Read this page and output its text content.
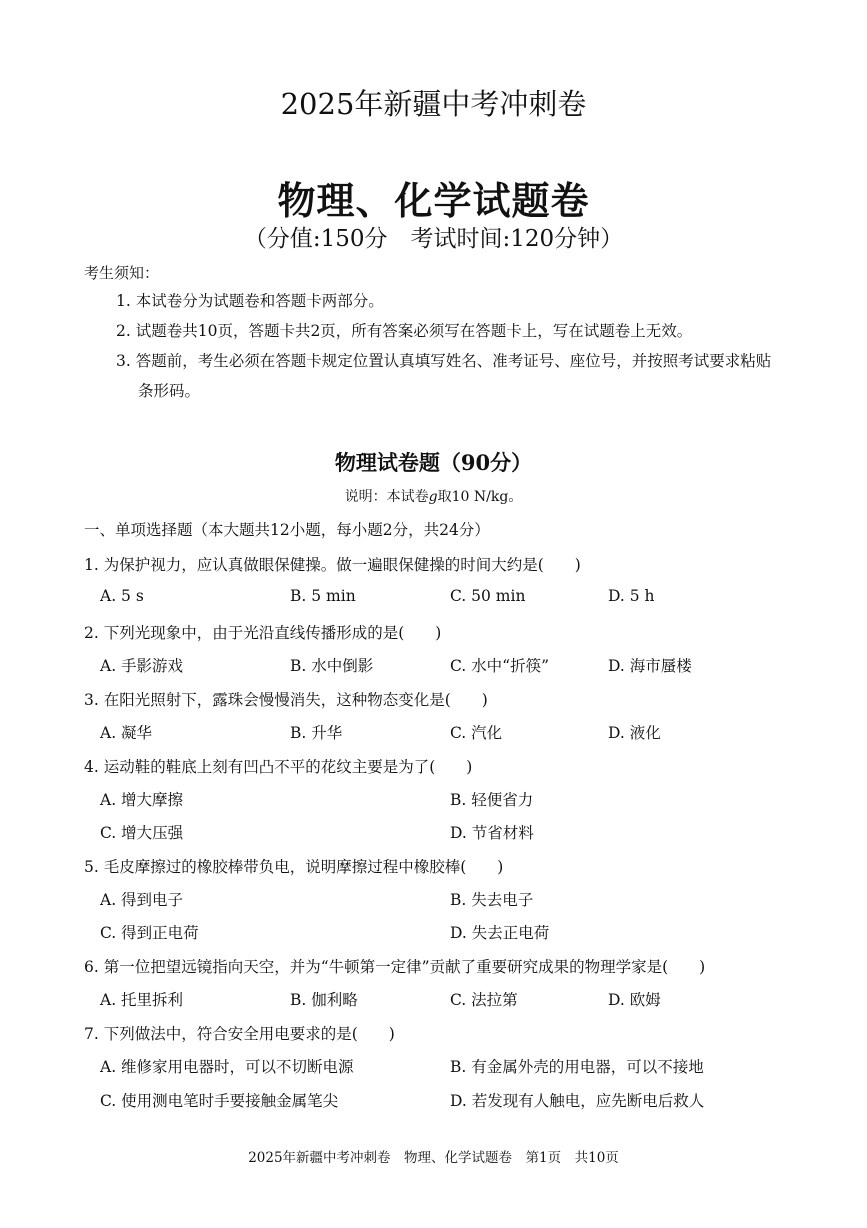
2025年新疆中考冲刺卷
物理、化学试题卷
（分值:150分　考试时间:120分钟）
考生须知：
1. 本试卷分为试题卷和答题卡两部分。
2. 试题卷共10页，答题卡共2页，所有答案必须写在答题卡上，写在试题卷上无效。
3. 答题前，考生必须在答题卡规定位置认真填写姓名、准考证号、座位号，并按照考试要求粘贴
条形码。
物理试卷题（90分）
说明：本试卷g取10 N/kg。
一、单项选择题（本大题共12小题，每小题2分，共24分）
1. 为保护视力，应认真做眼保健操。做一遍眼保健操的时间大约是(　　)
A. 5 s	B. 5 min	C. 50 min	D. 5 h
2. 下列光现象中，由于光沿直线传播形成的是(　　)
A. 手影游戏	B. 水中倒影	C. 水中“折筷”	D. 海市蜃楼
3. 在阳光照射下，露珠会慢慢消失，这种物态变化是(　　)
A. 凝华	B. 升华	C. 汽化	D. 液化
4. 运动鞋的鞋底上刻有凹凸不平的花纹主要是为了(　　)
A. 增大摩擦	B. 轻便省力
C. 增大压强	D. 节省材料
5. 毛皮摩擦过的橡胶棒带负电，说明摩擦过程中橡胶棒(　　)
A. 得到电子	B. 失去电子
C. 得到正电荷	D. 失去正电荷
6. 第一位把望远镜指向天空，并为“牛顿第一定律”贡献了重要研究成果的物理学家是(　　)
A. 托里拆利	B. 伽利略	C. 法拉第	D. 欧姆
7. 下列做法中，符合安全用电要求的是(　　)
A. 维修家用电器时，可以不切断电源	B. 有金属外壳的用电器，可以不接地
C. 使用测电笔时手要接触金属笔尖	D. 若发现有人触电，应先断电后救人
2025年新疆中考冲刺卷　物理、化学试题卷　第1页　共10页
